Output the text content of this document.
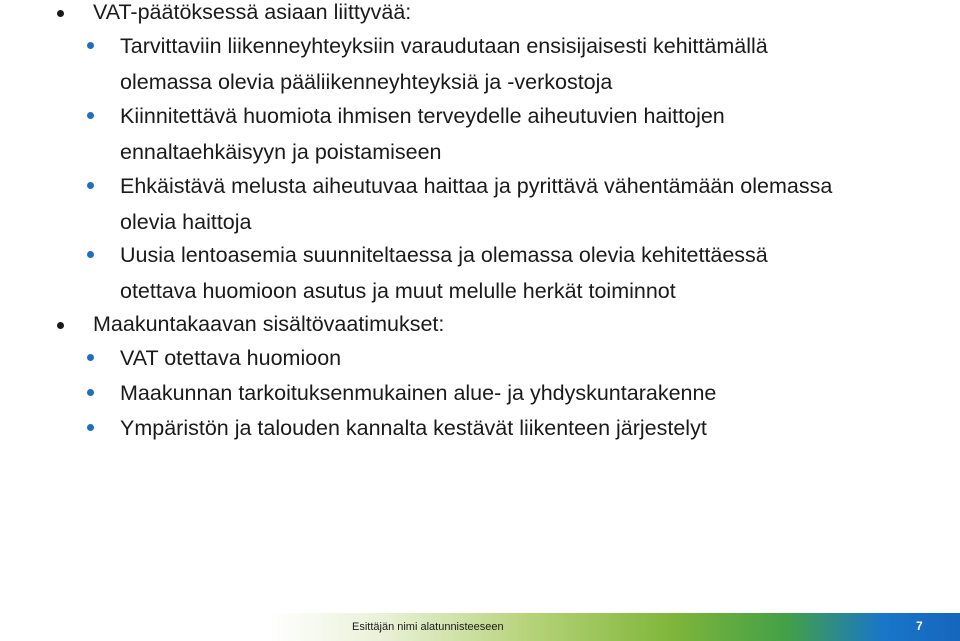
VAT-päätöksessä asiaan liittyvää:
Tarvittaviin liikenneyhteyksiin varaudutaan ensisijaisesti kehittämällä
olemassa olevia pääliikenneyhteyksiä ja -verkostoja
Kiinnitettävä huomiota ihmisen terveydelle aiheutuvien haittojen
ennaltaehkäisyyn ja poistamiseen
Ehkäistävä melusta aiheutuvaa haittaa ja pyrittävä vähentämään olemassa
olevia haittoja
Uusia lentoasemia suunniteltaessa ja olemassa olevia kehitettäessä
otettava huomioon asutus ja muut melulle herkät toiminnot
Maakuntakaavan sisältövaatimukset:
VAT otettava huomioon
Maakunnan tarkoituksenmukainen alue- ja yhdyskuntarakenne
Ympäristön ja talouden kannalta kestävät liikenteen järjestelyt
Esittäjän nimi alatunnisteeseen	7
